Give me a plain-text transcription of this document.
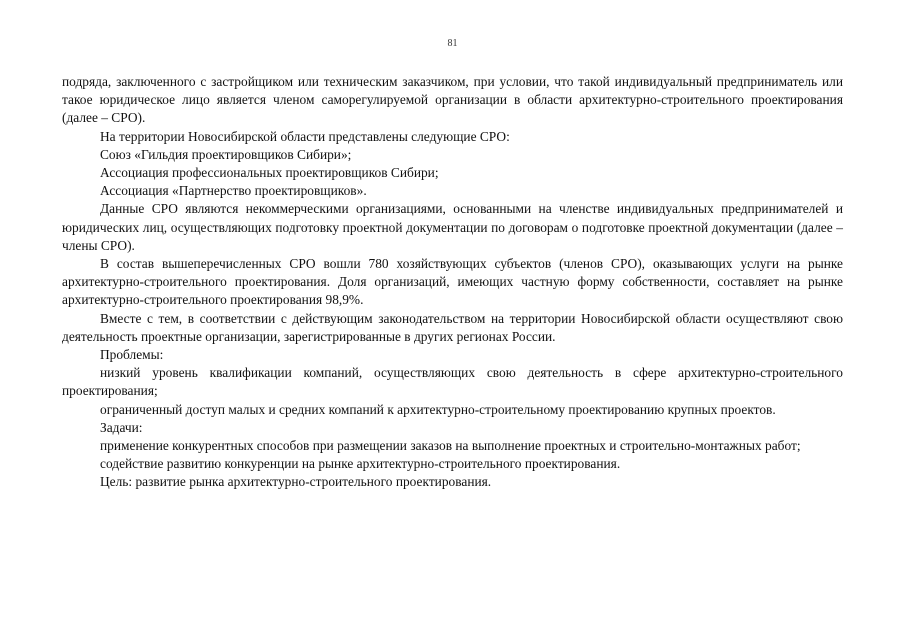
81

подряда, заключенного с застройщиком или техническим заказчиком, при условии, что такой индивидуальный предприниматель или такое юридическое лицо является членом саморегулируемой организации в области архитектурно-строительного проектирования (далее – СРО).

На территории Новосибирской области представлены следующие СРО:

Союз «Гильдия проектировщиков Сибири»;

Ассоциация профессиональных проектировщиков Сибири;

Ассоциация «Партнерство проектировщиков».

Данные СРО являются некоммерческими организациями, основанными на членстве индивидуальных предпринимателей и юридических лиц, осуществляющих подготовку проектной документации по договорам о подготовке проектной документации (далее – члены СРО).

В состав вышеперечисленных СРО вошли 780 хозяйствующих субъектов (членов СРО), оказывающих услуги на рынке архитектурно-строительного проектирования. Доля организаций, имеющих частную форму собственности, составляет на рынке архитектурно-строительного проектирования 98,9%.

Вместе с тем, в соответствии с действующим законодательством на территории Новосибирской области осуществляют свою деятельность проектные организации, зарегистрированные в других регионах России.

Проблемы:

низкий уровень квалификации компаний, осуществляющих свою деятельность в сфере архитектурно-строительного проектирования;

ограниченный доступ малых и средних компаний к архитектурно-строительному проектированию крупных проектов.

Задачи:

применение конкурентных способов при размещении заказов на выполнение проектных и строительно-монтажных работ;

содействие развитию конкуренции на рынке архитектурно-строительного проектирования.

Цель: развитие рынка архитектурно-строительного проектирования.
